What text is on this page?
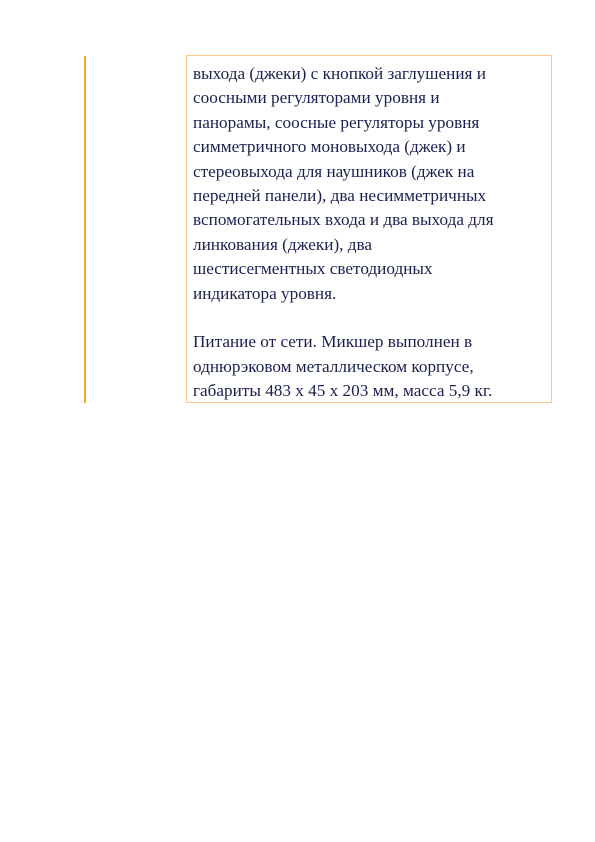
выхода (джеки) с кнопкой заглушения и
соосными регуляторами уровня и
панорамы, соосные регуляторы уровня
симметричного моновыхода (джек) и
стереовыхода для наушников (джек на
передней панели), два несимметричных
вспомогательных входа и два выхода для
линкования (джеки), два
шестисегментных светодиодных
индикатора уровня.

Питание от сети. Микшер выполнен в
однюрэковом металлическом корпусе,
габариты 483 x 45 x 203 мм, масса 5,9 кг.
